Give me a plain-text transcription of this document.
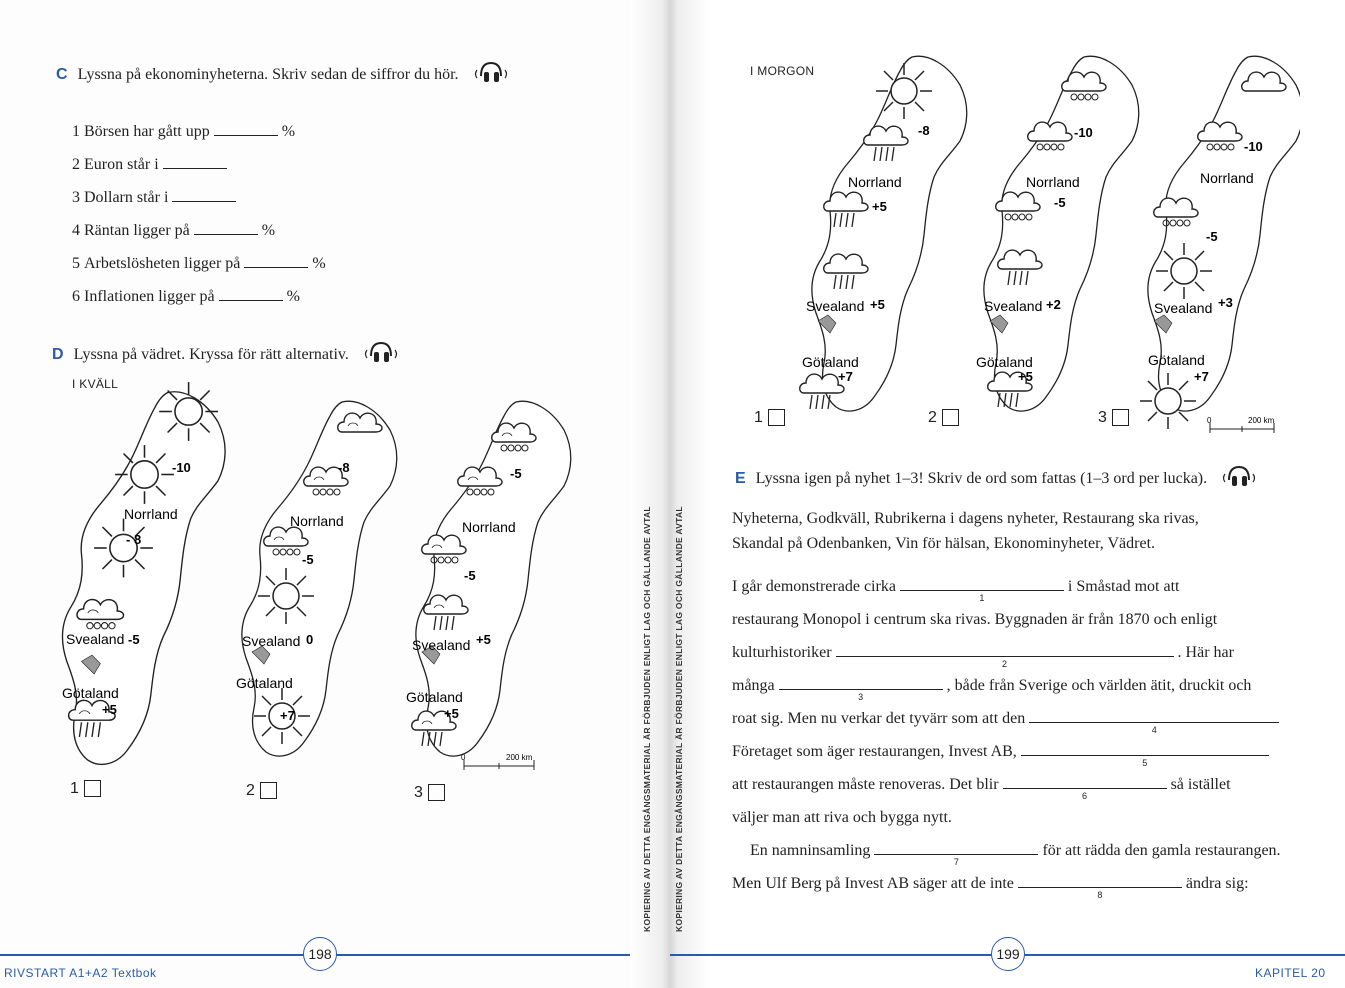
C Lyssna på ekonominyheterna. Skriv sedan de siffror du hör.
1 Börsen har gått upp	%
2 Euron står i
3 Dollarn står i
4 Räntan ligger på	%
5 Arbetslösheten ligger på	%
6 Inflationen ligger på	%
D Lyssna på vädret. Kryssa för rätt alternativ.
I KVÄLL
-10
Norrland
- 8
Svealand -5
Götaland
+5
-8
Norrland
-5
Svealand 0
Götaland
+7
-5
Norrland
-5
Svealand +5
Götaland
+5
0	200 km
1	2	3
198
RIVSTART A1+A2 Textbok
KOPIERING AV DETTA ENGÅNGSMATERIAL ÄR FÖRBJUDEN ENLIGT LAG OCH GÄLLANDE AVTAL	KOPIERING AV DETTA ENGÅNGSMATERIAL ÄR FÖRBJUDEN ENLIGT LAG OCH GÄLLANDE AVTAL
I MORGON
-8
Norrland
+5
Svealand +5
Götaland
+7
-10
Norrland
-5
Svealand +2
Götaland
+5
-10
Norrland
-5
Svealand +3
Götaland
+7
0	200 km
1	2	3
E Lyssna igen på nyhet 1–3! Skriv de ord som fattas (1–3 ord per lucka).
Nyheterna, Godkväll, Rubrikerna i dagens nyheter, Restaurang ska rivas,
Skandal på Odenbanken, Vin för hälsan, Ekonominyheter, Vädret.
I går demonstrerade cirka
1
i Småstad mot att
restaurang Monopol i centrum ska rivas. Byggnaden är från 1870 och enligt
kulturhistoriker
2
. Här har
många
3
, både från Sverige och världen ätit, druckit och
roat sig. Men nu verkar det tyvärr som att den
4
Företaget som äger restaurangen, Invest AB,
5
att restaurangen måste renoveras. Det blir
6
så istället
väljer man att riva och bygga nytt.
En namninsamling
7
för att rädda den gamla restaurangen.
Men Ulf Berg på Invest AB säger att de inte
8
ändra sig:
199
KAPITEL 20
